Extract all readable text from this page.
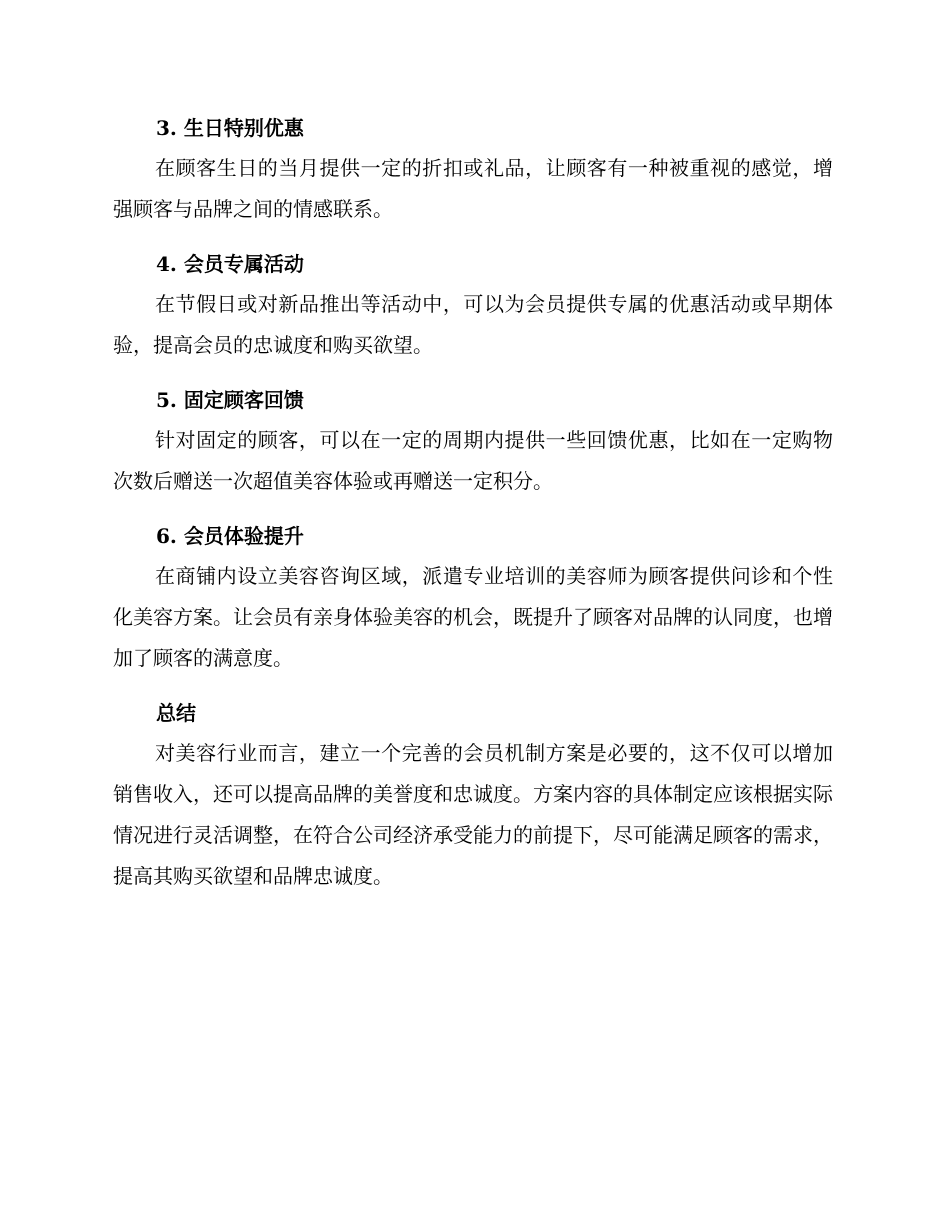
3. 生日特别优惠

在顾客生日的当月提供一定的折扣或礼品，让顾客有一种被重视的感觉，增强顾客与品牌之间的情感联系。

4. 会员专属活动

在节假日或对新品推出等活动中，可以为会员提供专属的优惠活动或早期体验，提高会员的忠诚度和购买欲望。

5. 固定顾客回馈

针对固定的顾客，可以在一定的周期内提供一些回馈优惠，比如在一定购物次数后赠送一次超值美容体验或再赠送一定积分。

6. 会员体验提升

在商铺内设立美容咨询区域，派遣专业培训的美容师为顾客提供问诊和个性化美容方案。让会员有亲身体验美容的机会，既提升了顾客对品牌的认同度，也增加了顾客的满意度。

总结

对美容行业而言，建立一个完善的会员机制方案是必要的，这不仅可以增加销售收入，还可以提高品牌的美誉度和忠诚度。方案内容的具体制定应该根据实际情况进行灵活调整，在符合公司经济承受能力的前提下，尽可能满足顾客的需求，提高其购买欲望和品牌忠诚度。
